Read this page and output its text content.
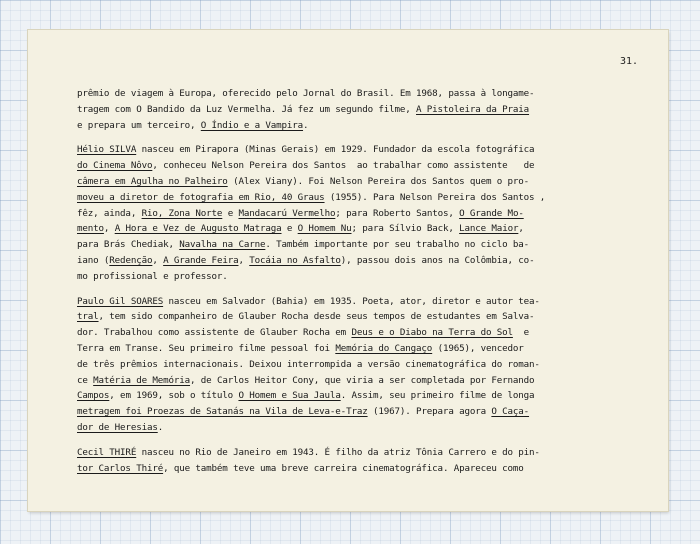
31.
prêmio de viagem à Europa, oferecido pelo Jornal do Brasil. Em 1968, passa à longame-
tragem com O Bandido da Luz Vermelha. Já fez um segundo filme, A Pistoleira da Praia
e prepara um terceiro, O Índio e a Vampira.
Hélio SILVA nasceu em Pirapora (Minas Gerais) em 1929. Fundador da escola fotográfica
do Cinema Nôvo, conheceu Nelson Pereira dos Santos  ao trabalhar como assistente   de
câmera em Agulha no Palheiro (Alex Viany). Foi Nelson Pereira dos Santos quem o pro-
moveu a diretor de fotografia em Rio, 40 Graus (1955). Para Nelson Pereira dos Santos ,
fêz, ainda, Rio, Zona Norte e Mandacarú Vermelho; para Roberto Santos, O Grande Mo-
mento, A Hora e Vez de Augusto Matraga e O Homem Nu; para Sílvio Back, Lance Maior,
para Brás Chediak, Navalha na Carne. Também importante por seu trabalho no ciclo ba-
iano (Redenção, A Grande Feira, Tocáia no Asfalto), passou dois anos na Colômbia, co-
mo profissional e professor.
Paulo Gil SOARES nasceu em Salvador (Bahia) em 1935. Poeta, ator, diretor e autor tea-
tral, tem sido companheiro de Glauber Rocha desde seus tempos de estudantes em Salva-
dor. Trabalhou como assistente de Glauber Rocha em Deus e o Diabo na Terra do Sol  e
Terra em Transe. Seu primeiro filme pessoal foi Memória do Cangaço (1965), vencedor
de três prêmios internacionais. Deixou interrompida a versão cinematográfica do roman-
ce Matéria de Memória, de Carlos Heitor Cony, que viria a ser completada por Fernando
Campos, em 1969, sob o título O Homem e Sua Jaula. Assim, seu primeiro filme de longa
metragem foi Proezas de Satanás na Vila de Leva-e-Traz (1967). Prepara agora O Caça-
dor de Heresias.
Cecil THIRÉ nasceu no Rio de Janeiro em 1943. É filho da atriz Tônia Carrero e do pin-
tor Carlos Thiré, que também teve uma breve carreira cinematográfica. Apareceu como
